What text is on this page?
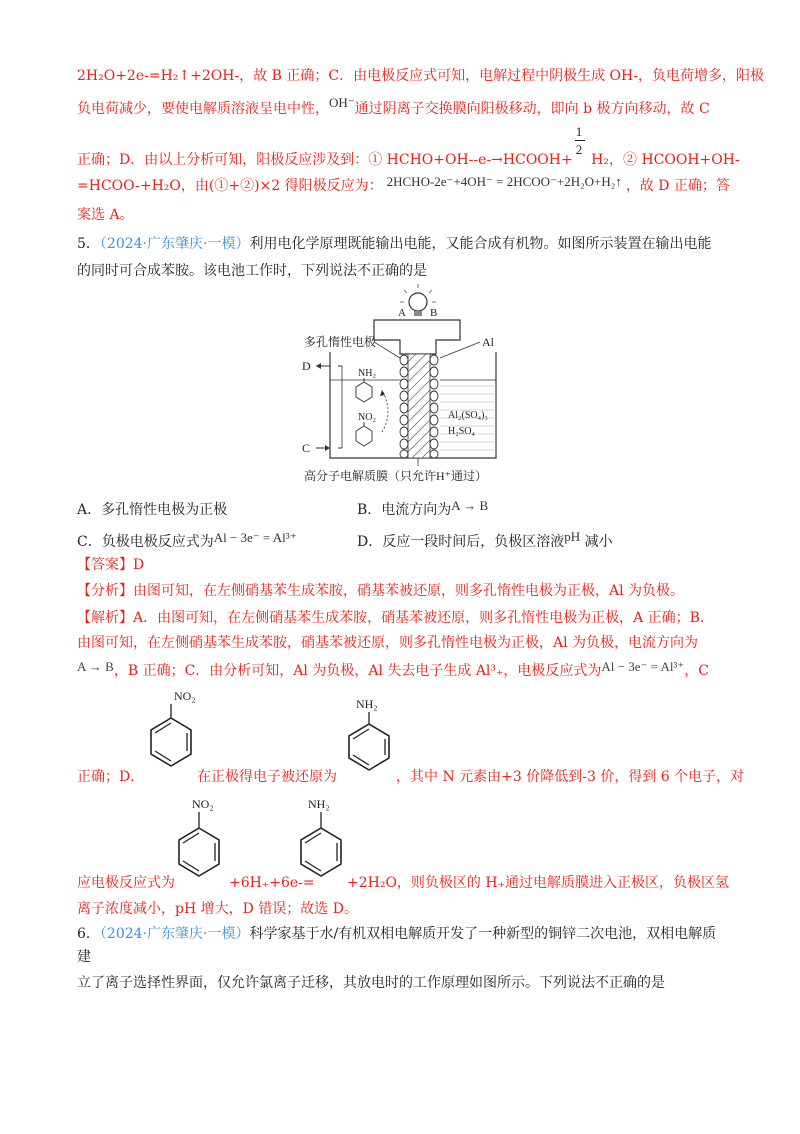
2H₂O+2e-=H₂↑+2OH-，故 B 正确；C．由电极反应式可知，电解过程中阴极生成 OH-，负电荷增多，阳极
负电荷减少，要使电解质溶液呈电中性，OH⁻通过阴离子交换膜向阳极移动，即向 b 极方向移动，故 C
正确；D．由以上分析可知，阳极反应涉及到：① HCHO+OH--e-→HCOOH+ $\frac{1}{2} H_2$，② HCOOH+OH-
=HCOO-+H₂O，由(①+②)×2 得阳极反应为： 2HCHO-2e⁻+4OH⁻ = 2HCOO⁻+2H₂O+H₂↑ ，故 D 正确；答
案选 A。
5．（2024·广东肇庆·一模）利用电化学原理既能输出电能，又能合成有机物。如图所示装置在输出电能
的同时可合成苯胺。该电池工作时，下列说法不正确的是
A B
多孔惰性电极	Al
D
C
NH₂
NO₂	Al₂(SO₄)₃
H₂SO₄
高分子电解质膜（只允许H⁺通过）
A．多孔惰性电极为正极	B．电流方向为A → B
C．负极电极反应式为Al − 3e⁻ = Al³⁺	D．反应一段时间后，负极区溶液pH 减小
【答案】D
【分析】由图可知，在左侧硝基苯生成苯胺，硝基苯被还原，则多孔惰性电极为正极，Al 为负极。
【解析】A．由图可知，在左侧硝基苯生成苯胺，硝基苯被还原，则多孔惰性电极为正极，A 正确；B．
由图可知，在左侧硝基苯生成苯胺，硝基苯被还原，则多孔惰性电极为正极，Al 为负极，电流方向为
A → B，B 正确；C．由分析可知，Al 为负极，Al 失去电子生成 Al³₊，电极反应式为Al − 3e⁻ = Al³⁺，C
NO₂
NH₂
正确；D．	在正极得电子被还原为	，其中 N 元素由+3 价降低到-3 价，得到 6 个电子，对
NO₂	NH₂
应电极反应式为	+6H₊+6e-= +2H₂O，则负极区的 H₊通过电解质膜进入正极区，负极区氢
离子浓度减小，pH 增大，D 错误；故选 D。
6．（2024·广东肇庆·一模）科学家基于水/有机双相电解质开发了一种新型的铜锌二次电池，双相电解质
建
立了离子选择性界面，仅允许氯离子迁移，其放电时的工作原理如图所示。下列说法不正确的是
